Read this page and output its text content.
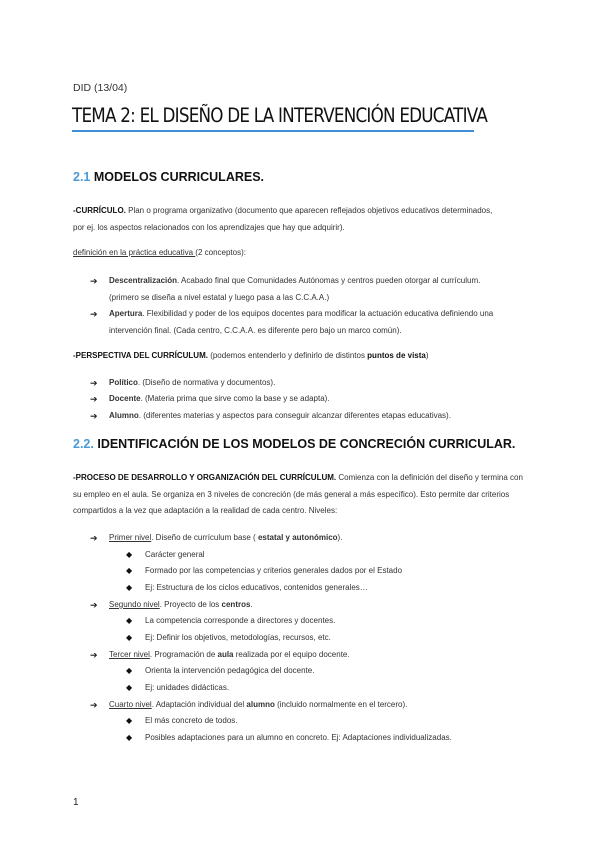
DID (13/04)
TEMA 2: EL DISEÑO DE LA INTERVENCIÓN EDUCATIVA
2.1 MODELOS CURRICULARES.
-CURRÍCULO. Plan o programa organizativo (documento que aparecen reflejados objetivos educativos determinados,
por ej. los aspectos relacionados con los aprendizajes que hay que adquirir).
definición en la práctica educativa (2 conceptos):
➔ Descentralización. Acabado final que Comunidades Autónomas y centros pueden otorgar al currículum.
(primero se diseña a nivel estatal y luego pasa a las C.C.A.A.)
➔ Apertura. Flexibilidad y poder de los equipos docentes para modificar la actuación educativa definiendo una
intervención final. (Cada centro, C.C.A.A. es diferente pero bajo un marco común).
-PERSPECTIVA DEL CURRÍCULUM. (podemos entenderlo y definirlo de distintos puntos de vista)
➔ Político. (Diseño de normativa y documentos).
➔ Docente. (Materia prima que sirve como la base y se adapta).
➔ Alumno. (diferentes materias y aspectos para conseguir alcanzar diferentes etapas educativas).
2.2. IDENTIFICACIÓN DE LOS MODELOS DE CONCRECIÓN CURRICULAR.
-PROCESO DE DESARROLLO Y ORGANIZACIÓN DEL CURRÍCULUM. Comienza con la definición del diseño y termina con
su empleo en el aula. Se organiza en 3 niveles de concreción (de más general a más específico). Esto permite dar criterios
compartidos a la vez que adaptación a la realidad de cada centro. Niveles:
➔ Primer nivel. Diseño de currículum base ( estatal y autonómico).
◆ Carácter general
◆ Formado por las competencias y criterios generales dados por el Estado
◆ Ej: Estructura de los ciclos educativos, contenidos generales…
➔ Segundo nivel. Proyecto de los centros.
◆ La competencia corresponde a directores y docentes.
◆ Ej: Definir los objetivos, metodologías, recursos, etc.
➔ Tercer nivel. Programación de aula realizada por el equipo docente.
◆ Orienta la intervención pedagógica del docente.
◆ Ej: unidades didácticas.
➔ Cuarto nivel. Adaptación individual del alumno (incluido normalmente en el tercero).
◆ El más concreto de todos.
◆ Posibles adaptaciones para un alumno en concreto. Ej: Adaptaciones individualizadas.
1
